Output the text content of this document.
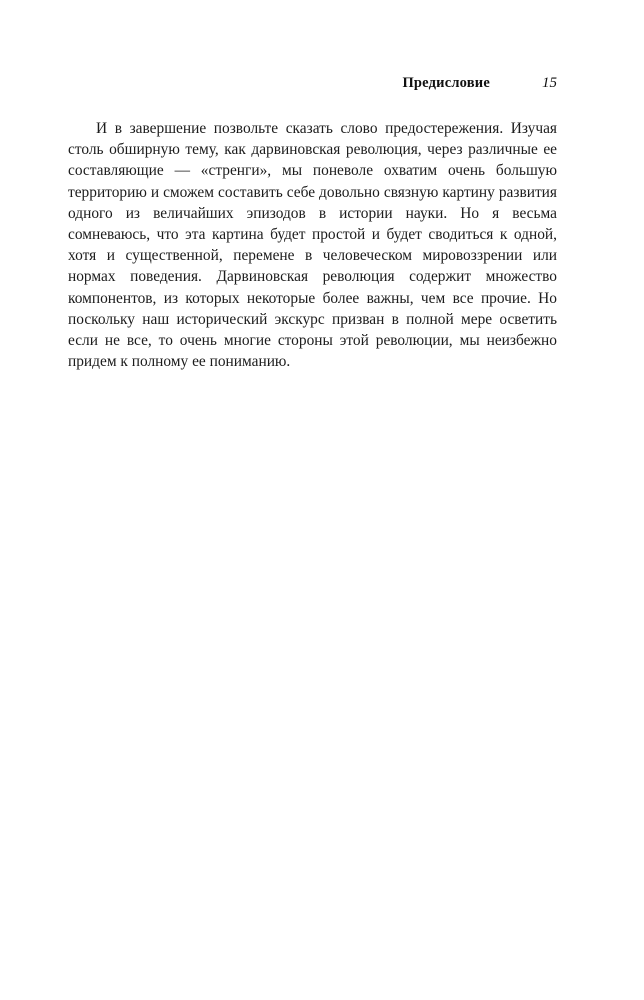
Предисловие	15

И в завершение позвольте сказать слово предостережения. Изучая столь обширную тему, как дарвиновская революция, через различные ее составляющие — «стренги», мы поневоле охватим очень большую территорию и сможем составить себе довольно связную картину развития одного из величайших эпизодов в истории науки. Но я весьма сомневаюсь, что эта картина будет простой и будет сводиться к одной, хотя и существенной, перемене в человеческом мировоззрении или нормах поведения. Дарвиновская революция содержит множество компонентов, из которых некоторые более важны, чем все прочие. Но поскольку наш исторический экскурс призван в полной мере осветить если не все, то очень многие стороны этой революции, мы неизбежно придем к полному ее пониманию.
